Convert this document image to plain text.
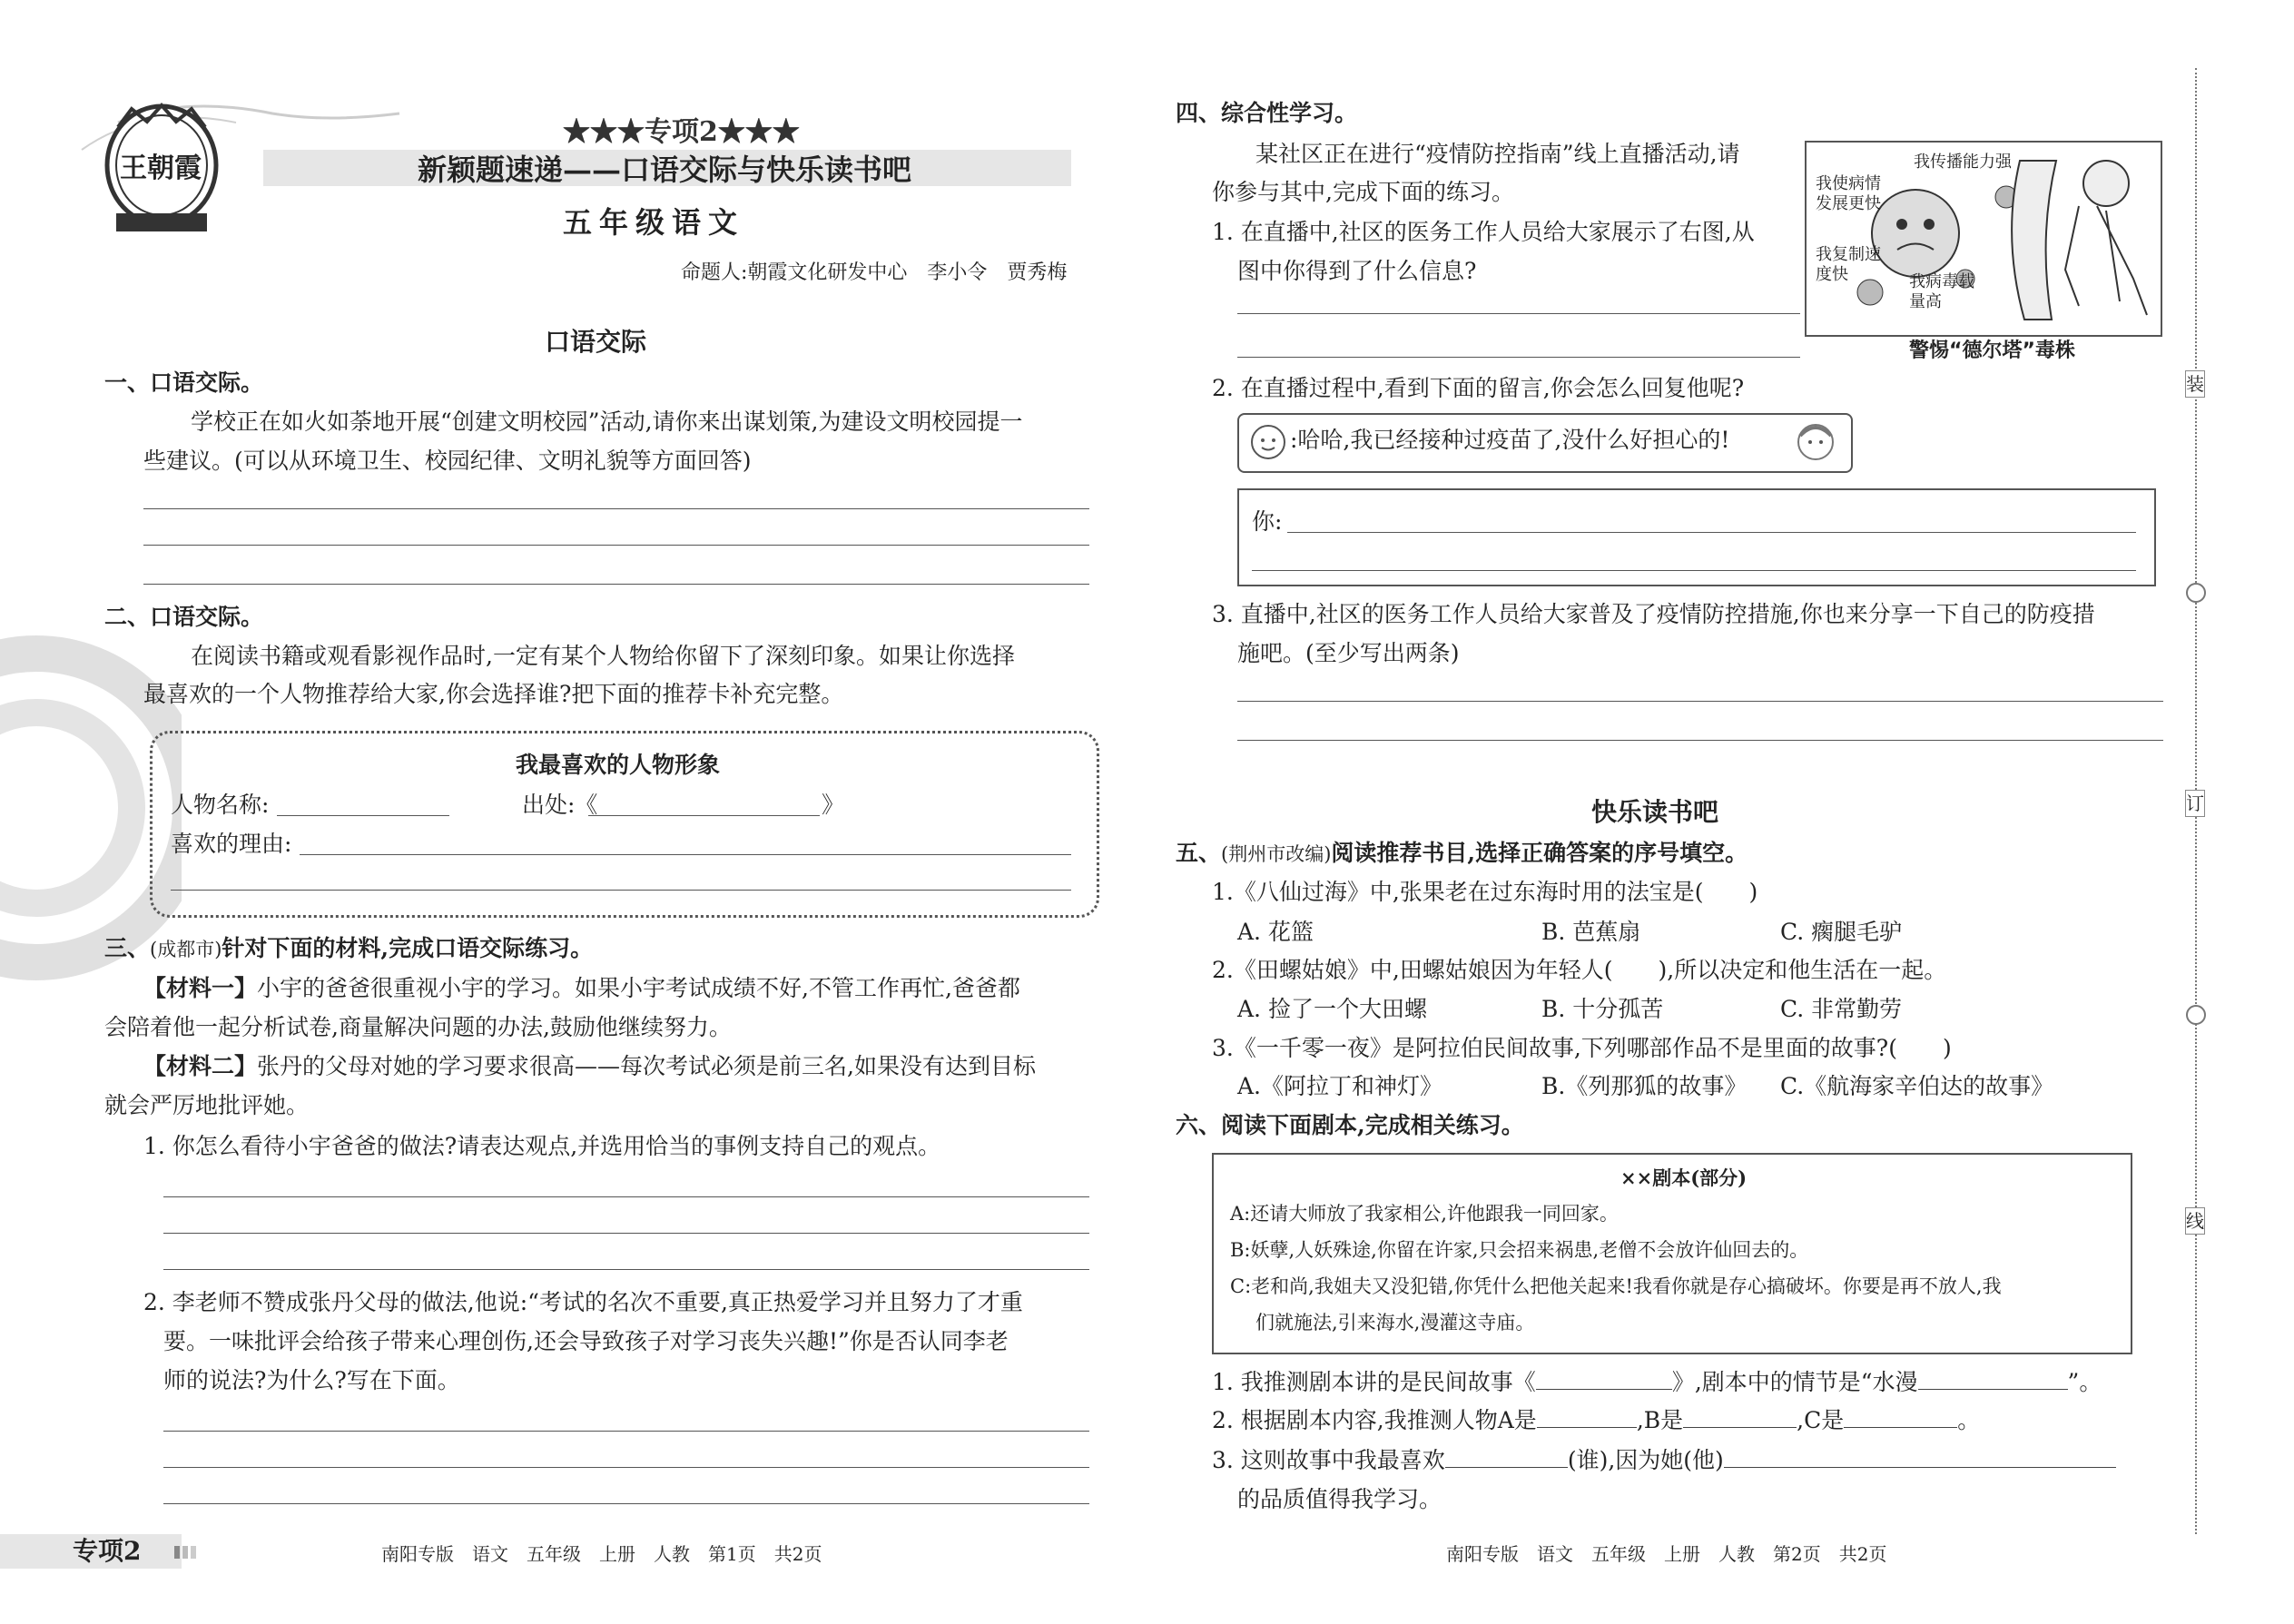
王朝霞
★★★专项2★★★
新颖题速递——口语交际与快乐读书吧
五年级语文
命题人:朝霞文化研发中心　李小令　贾秀梅
口语交际
一、口语交际。
学校正在如火如荼地开展“创建文明校园”活动,请你来出谋划策,为建设文明校园提一
些建议。(可以从环境卫生、校园纪律、文明礼貌等方面回答)
二、口语交际。
在阅读书籍或观看影视作品时,一定有某个人物给你留下了深刻印象。如果让你选择
最喜欢的一个人物推荐给大家,你会选择谁?把下面的推荐卡补充完整。
我最喜欢的人物形象
人物名称:	出处:《	》
喜欢的理由:
三、(成都市)针对下面的材料,完成口语交际练习。
【材料一】小宇的爸爸很重视小宇的学习。如果小宇考试成绩不好,不管工作再忙,爸爸都
会陪着他一起分析试卷,商量解决问题的办法,鼓励他继续努力。
【材料二】张丹的父母对她的学习要求很高——每次考试必须是前三名,如果没有达到目标
就会严厉地批评她。
1. 你怎么看待小宇爸爸的做法?请表达观点,并选用恰当的事例支持自己的观点。
2. 李老师不赞成张丹父母的做法,他说:“考试的名次不重要,真正热爱学习并且努力了才重
要。一味批评会给孩子带来心理创伤,还会导致孩子对学习丧失兴趣!”你是否认同李老
师的说法?为什么?写在下面。
专项2	南阳专版　语文　五年级　上册　人教　第1页　共2页
四、综合性学习。
某社区正在进行“疫情防控指南”线上直播活动,请
你参与其中,完成下面的练习。
1. 在直播中,社区的医务工作人员给大家展示了右图,从
图中你得到了什么信息?
我传播能力强
我使病情发展更快
我复制速度快	我病毒载量高
警惕“德尔塔”毒株
2. 在直播过程中,看到下面的留言,你会怎么回复他呢?
:哈哈,我已经接种过疫苗了,没什么好担心的!
你:
3. 直播中,社区的医务工作人员给大家普及了疫情防控措施,你也来分享一下自己的防疫措
施吧。(至少写出两条)
快乐读书吧
五、(荆州市改编)阅读推荐书目,选择正确答案的序号填空。
1.《八仙过海》中,张果老在过东海时用的法宝是(　　)
A. 花篮	B. 芭蕉扇	C. 瘸腿毛驴
2.《田螺姑娘》中,田螺姑娘因为年轻人(　　),所以决定和他生活在一起。
A. 捡了一个大田螺	B. 十分孤苦	C. 非常勤劳
3.《一千零一夜》是阿拉伯民间故事,下列哪部作品不是里面的故事?(　　)
A.《阿拉丁和神灯》	B.《列那狐的故事》 C.《航海家辛伯达的故事》
六、阅读下面剧本,完成相关练习。
××剧本(部分)
A:还请大师放了我家相公,许他跟我一同回家。
B:妖孽,人妖殊途,你留在许家,只会招来祸患,老僧不会放许仙回去的。
C:老和尚,我姐夫又没犯错,你凭什么把他关起来!我看你就是存心搞破坏。你要是再不放人,我
们就施法,引来海水,漫灌这寺庙。
1. 我推测剧本讲的是民间故事《	》,剧本中的情节是“水漫	”。
2. 根据剧本内容,我推测人物A是	,B是	,C是	。
3. 这则故事中我最喜欢	(谁),因为她(他)
的品质值得我学习。
南阳专版　语文　五年级　上册　人教　第2页　共2页
装
订
线
